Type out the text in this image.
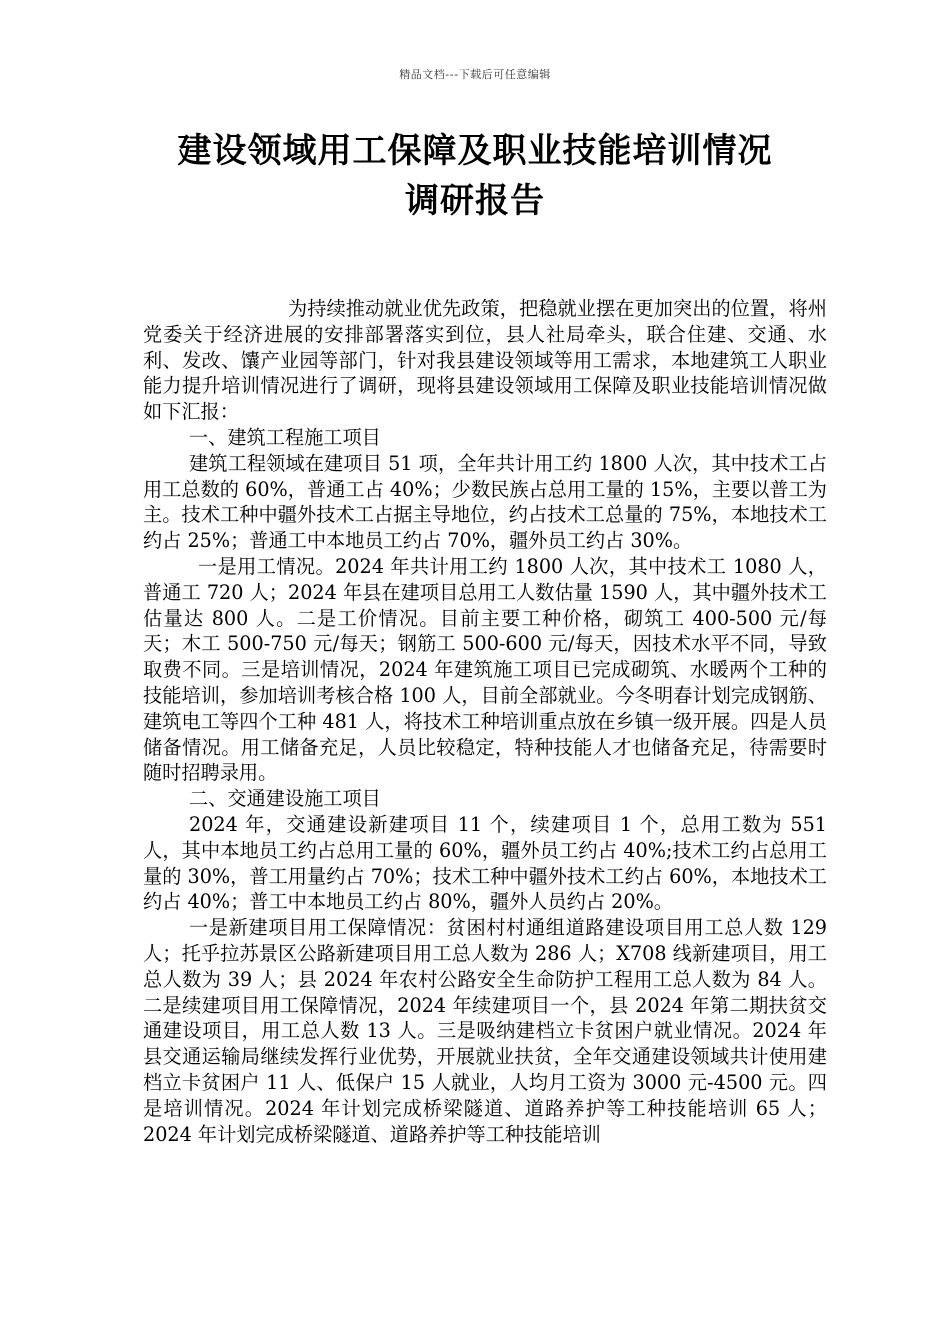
精品文档---下载后可任意编辑
建设领域用工保障及职业技能培训情况
调研报告

为持续推动就业优先政策，把稳就业摆在更加突出的位置，将州党委关于经济进展的安排部署落实到位，县人社局牵头，联合住建、交通、水利、发改、馕产业园等部门，针对我县建设领域等用工需求，本地建筑工人职业能力提升培训情况进行了调研，现将县建设领域用工保障及职业技能培训情况做如下汇报：

一、建筑工程施工项目

建筑工程领域在建项目 51 项，全年共计用工约 1800 人次，其中技术工占用工总数的 60%，普通工占 40%；少数民族占总用工量的 15%，主要以普工为主。技术工种中疆外技术工占据主导地位，约占技术工总量的 75%，本地技术工约占 25%；普通工中本地员工约占 70%，疆外员工约占 30%。

一是用工情况。2024 年共计用工约 1800 人次，其中技术工 1080 人，普通工 720 人；2024 年县在建项目总用工人数估量 1590 人，其中疆外技术工估量达 800 人。二是工价情况。目前主要工种价格，砌筑工 400-500 元/每天；木工 500-750 元/每天；钢筋工 500-600 元/每天，因技术水平不同，导致取费不同。三是培训情况，2024 年建筑施工项目已完成砌筑、水暖两个工种的技能培训，参加培训考核合格 100 人，目前全部就业。今冬明春计划完成钢筋、建筑电工等四个工种 481 人，将技术工种培训重点放在乡镇一级开展。四是人员储备情况。用工储备充足，人员比较稳定，特种技能人才也储备充足，待需要时随时招聘录用。

二、交通建设施工项目

2024 年，交通建设新建项目 11 个，续建项目 1 个，总用工数为 551 人，其中本地员工约占总用工量的 60%，疆外员工约占 40%;技术工约占总用工量的 30%，普工用量约占 70%；技术工种中疆外技术工约占 60%，本地技术工约占 40%；普工中本地员工约占 80%，疆外人员约占 20%。

一是新建项目用工保障情况：贫困村村通组道路建设项目用工总人数 129 人；托乎拉苏景区公路新建项目用工总人数为 286 人；X708 线新建项目，用工总人数为 39 人；县 2024 年农村公路安全生命防护工程用工总人数为 84 人。二是续建项目用工保障情况，2024 年续建项目一个，县 2024 年第二期扶贫交通建设项目，用工总人数 13 人。三是吸纳建档立卡贫困户就业情况。2024 年县交通运输局继续发挥行业优势，开展就业扶贫，全年交通建设领域共计使用建档立卡贫困户 11 人、低保户 15 人就业，人均月工资为 3000 元-4500 元。四是培训情况。2024 年计划完成桥梁隧道、道路养护等工种技能培训 65 人；2024 年计划完成桥梁隧道、道路养护等工种技能培训
